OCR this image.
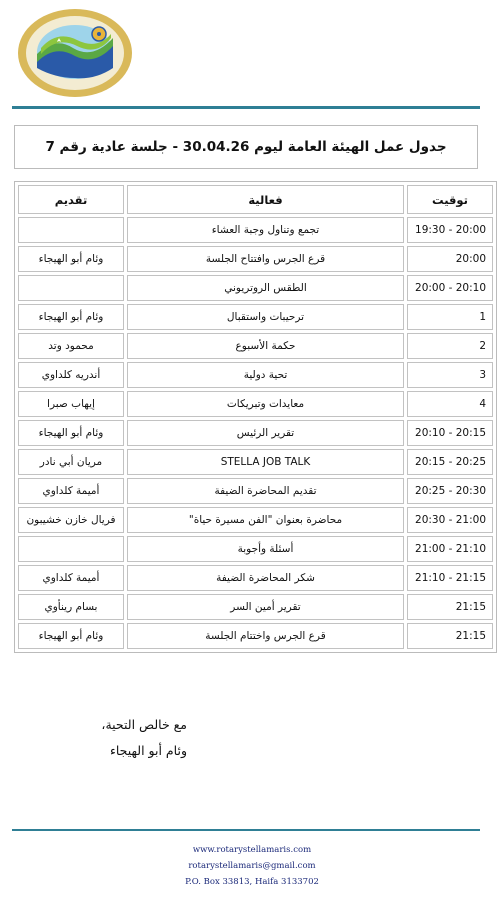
جدول عمل الهيئة العامة ليوم 30.04.26 - جلسة عادية رقم 7
تقديم	فعالية	توقيت
	تجمع وتناول وجبة العشاء	19:30 - 20:00
وئام أبو الهيجاء	قرع الجرس وافتتاح الجلسة	20:00
	الطقس الروتريوني	20:00 - 20:10
وئام أبو الهيجاء	ترحيبات واستقبال	1
محمود وتد	حكمة الأسبوع	2
أندريه كلداوي	تحية دولية	3
إيهاب صبرا	معايدات وتبريكات	4
وئام أبو الهيجاء	تقرير الرئيس	20:10 - 20:15
مريان أبي نادر	STELLA JOB TALK	20:15 - 20:25
أميمة كلداوي	تقديم المحاضرة الضيفة	20:25 - 20:30
فريال خازن خشيبون	محاضرة بعنوان "الفن مسيرة حياة"	20:30 - 21:00
	أسئلة وأجوبة	21:00 - 21:10
أميمة كلداوي	شكر المحاضرة الضيفة	21:10 - 21:15
بسام رينأوي	تقرير أمين السر	21:15
وئام أبو الهيجاء	قرع الجرس واختتام الجلسة	21:15
مع خالص التحية،
وئام أبو الهيجاء
www.rotarystellamaris.com
rotarystellamaris@gmail.com
P.O. Box 33813, Haifa 3133702
